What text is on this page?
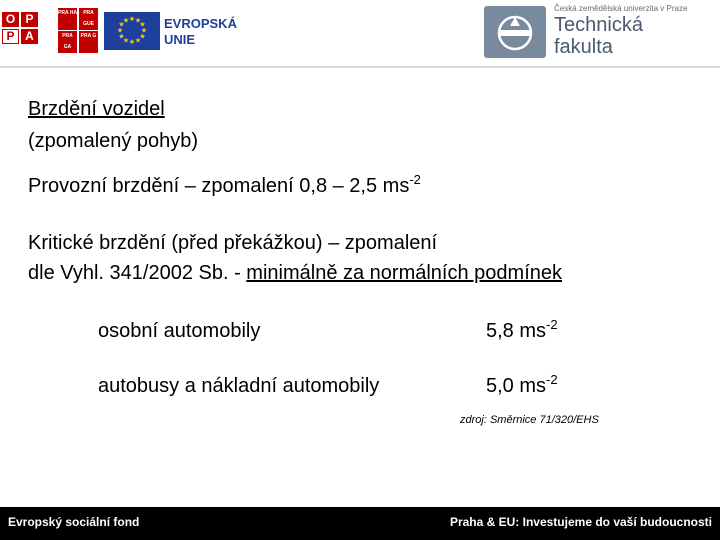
O P
P A
PRA HA	PRA GUE
PRA GA
PRA G
★ ★
★
★
★
★
★
★
★
★
★
★	EVROPSKÁ
UNIE
Česká zemědělská univerzita v Praze
Technická
fakulta
Brzdění vozidel
(zpomalený pohyb)
Provozní brzdění – zpomalení 0,8 – 2,5 $ms^{-2}$
Kritické brzdění (před překážkou) – zpomalení
dle Vyhl. 341/2002 Sb. - minimálně za normálních podmínek
osobní automobily	5,8 $ms^{-2}$
autobusy a nákladní automobily	5,0 $ms^{-2}$
zdroj: Směrnice 71/320/EHS
Evropský sociální fond	Praha & EU: Investujeme do vaší budoucnosti
